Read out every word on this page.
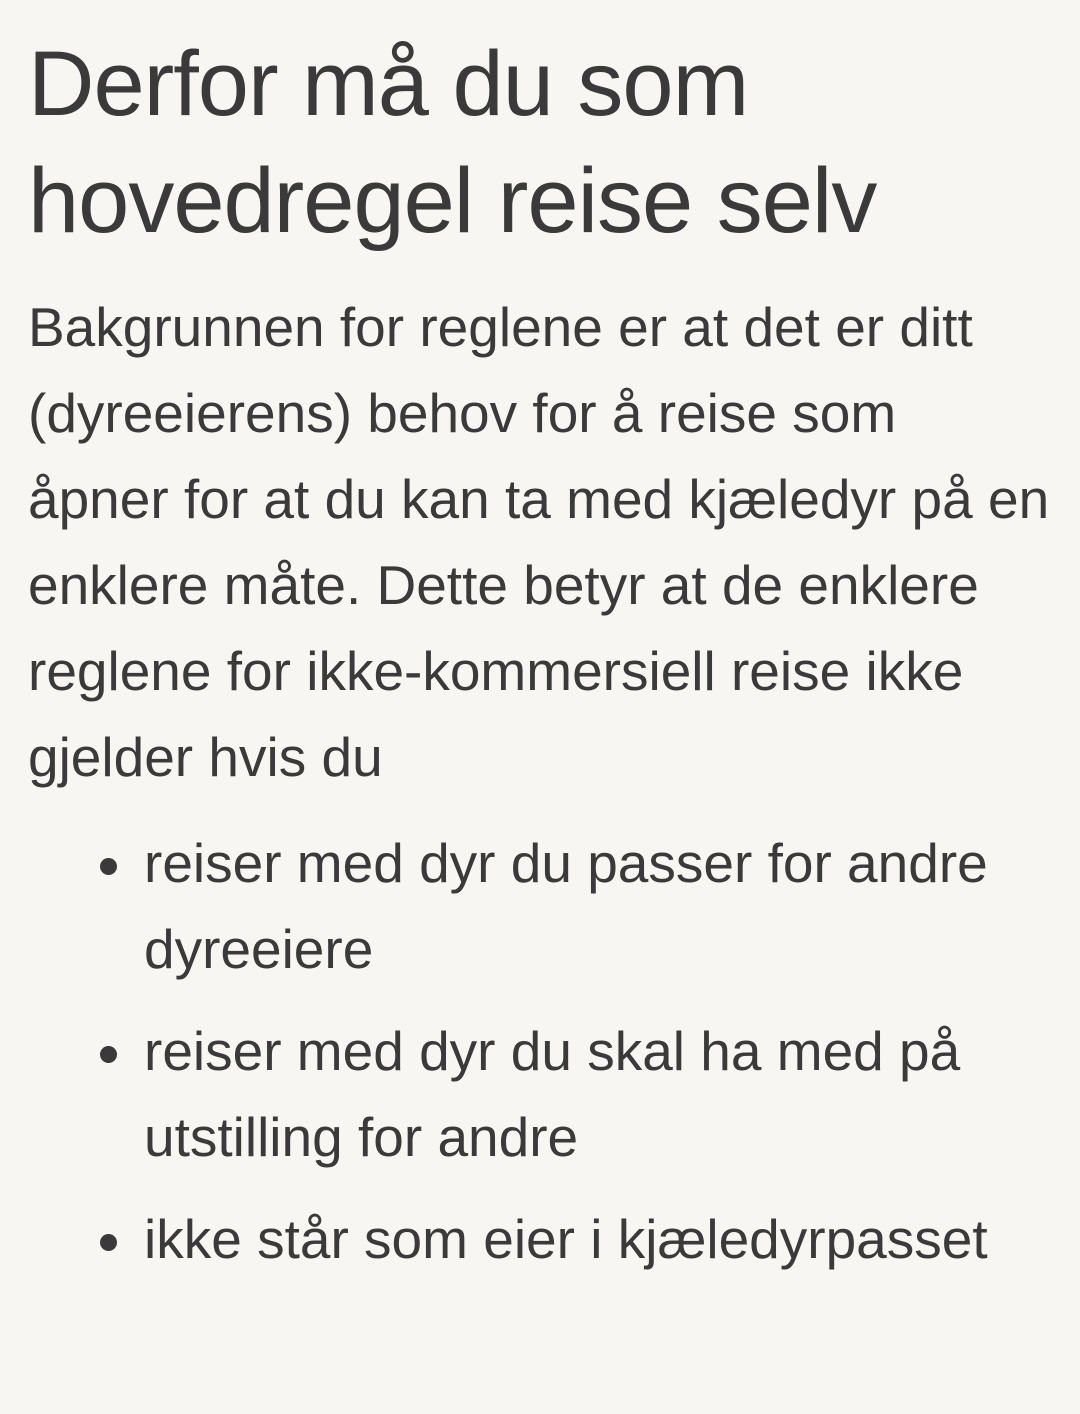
Derfor må du som hovedregel reise selv

Bakgrunnen for reglene er at det er ditt (dyreeierens) behov for å reise som åpner for at du kan ta med kjæledyr på en enklere måte. Dette betyr at de enklere reglene for ikke-kommersiell reise ikke gjelder hvis du

reiser med dyr du passer for andre dyreeiere
reiser med dyr du skal ha med på utstilling for andre
ikke står som eier i kjæledyrpasset
